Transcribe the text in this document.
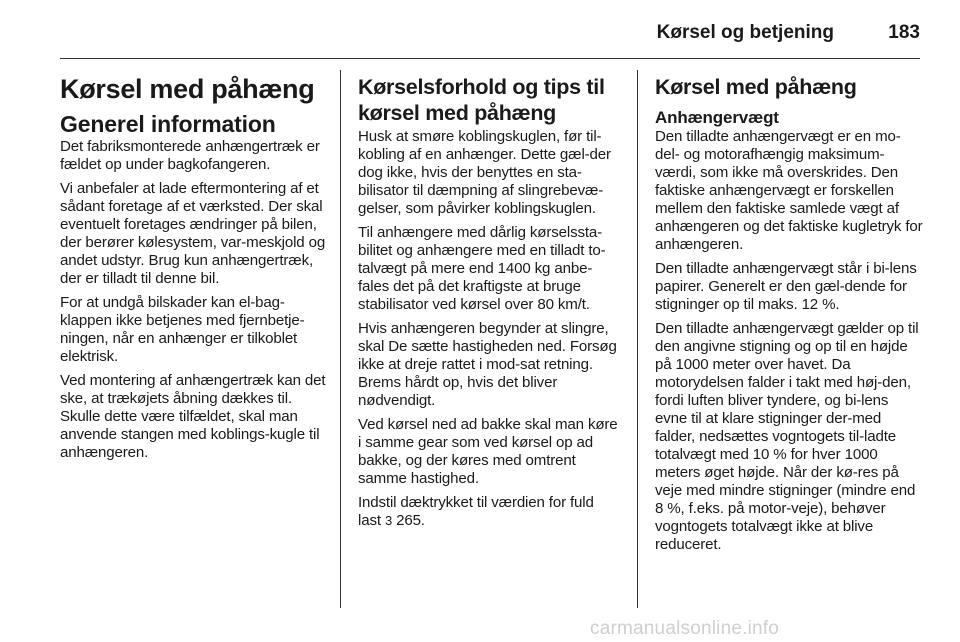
Kørsel og betjening	183
Kørsel med påhæng
Generel information

Det fabriksmonterede anhængertræk er fældet op under bagkofangeren.

Vi anbefaler at lade eftermontering af et sådant foretage af et værksted. Der skal eventuelt foretages ændringer på bilen, der berører kølesystem, var-meskjold og andet udstyr. Brug kun anhængertræk, der er tilladt til denne bil.

For at undgå bilskader kan el-bag-klappen ikke betjenes med fjernbetje-ningen, når en anhænger er tilkoblet elektrisk.

Ved montering af anhængertræk kan det ske, at trækøjets åbning dækkes til. Skulle dette være tilfældet, skal man anvende stangen med koblings-kugle til anhængeren.

Kørselsforhold og tips til kørsel med påhæng

Husk at smøre koblingskuglen, før til-kobling af en anhænger. Dette gæl-der dog ikke, hvis der benyttes en sta-bilisator til dæmpning af slingrebevæ-gelser, som påvirker koblingskuglen.

Til anhængere med dårlig kørselssta-bilitet og anhængere med en tilladt to-talvægt på mere end 1400 kg anbe-fales det på det kraftigste at bruge stabilisator ved kørsel over 80 km/t.

Hvis anhængeren begynder at slingre, skal De sætte hastigheden ned. Forsøg ikke at dreje rattet i mod-sat retning. Brems hårdt op, hvis det bliver nødvendigt.

Ved kørsel ned ad bakke skal man køre i samme gear som ved kørsel op ad bakke, og der køres med omtrent samme hastighed.

Indstil dæktrykket til værdien for fuld last 3 265.

Kørsel med påhæng
Anhængervægt

Den tilladte anhængervægt er en mo-del- og motorafhængig maksimum-værdi, som ikke må overskrides. Den faktiske anhængervægt er forskellen mellem den faktiske samlede vægt af anhængeren og det faktiske kugletryk for anhængeren.

Den tilladte anhængervægt står i bi-lens papirer. Generelt er den gæl-dende for stigninger op til maks. 12 %.

Den tilladte anhængervægt gælder op til den angivne stigning og op til en højde på 1000 meter over havet. Da motorydelsen falder i takt med høj-den, fordi luften bliver tyndere, og bi-lens evne til at klare stigninger der-med falder, nedsættes vogntogets til-ladte totalvægt med 10 % for hver 1000 meters øget højde. Når der kø-res på veje med mindre stigninger (mindre end 8 %, f.eks. på motor-veje), behøver vogntogets totalvægt ikke at blive reduceret.

carmanualsonline.info
